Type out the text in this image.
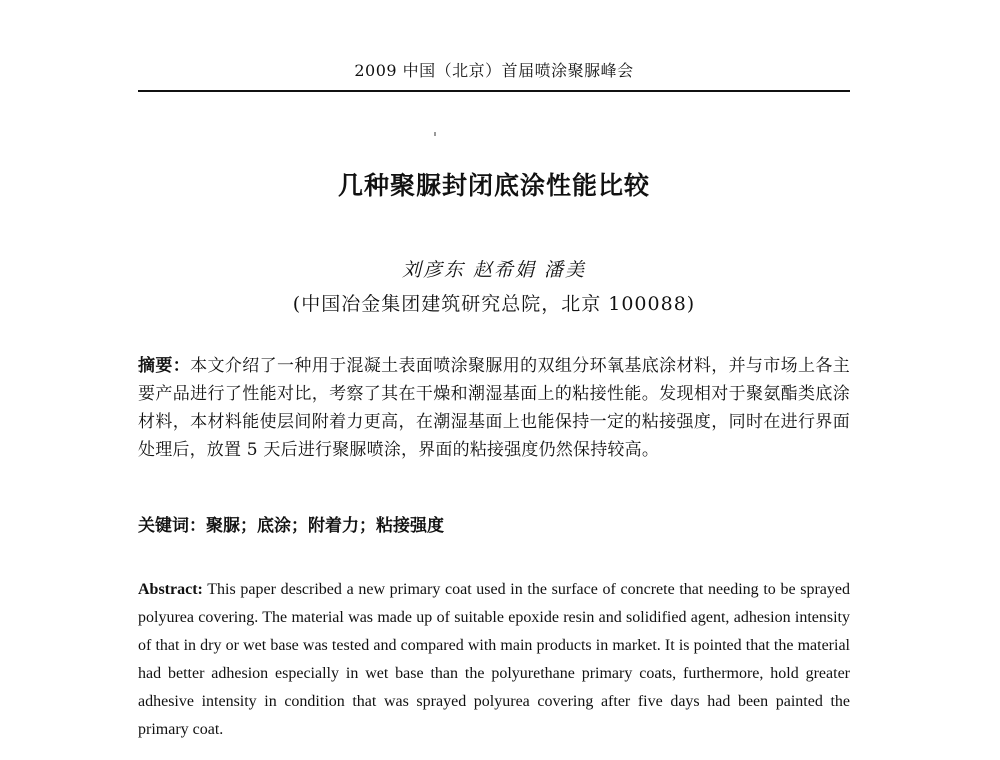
2009 中国（北京）首届喷涂聚脲峰会
几种聚脲封闭底涂性能比较
刘彦东 赵希娟 潘美
(中国冶金集团建筑研究总院，北京 100088)

摘要：本文介绍了一种用于混凝土表面喷涂聚脲用的双组分环氧基底涂材料，并与市场上各主要产品进行了性能对比，考察了其在干燥和潮湿基面上的粘接性能。发现相对于聚氨酯类底涂材料，本材料能使层间附着力更高，在潮湿基面上也能保持一定的粘接强度，同时在进行界面处理后，放置 5 天后进行聚脲喷涂，界面的粘接强度仍然保持较高。

关键词：聚脲；底涂；附着力；粘接强度

Abstract: This paper described a new primary coat used in the surface of concrete that needing to be sprayed polyurea covering. The material was made up of suitable epoxide resin and solidified agent, adhesion intensity of that in dry or wet base was tested and compared with main products in market. It is pointed that the material had better adhesion especially in wet base than the polyurethane primary coats, furthermore, hold greater adhesive intensity in condition that was sprayed polyurea covering after five days had been painted the primary coat.
